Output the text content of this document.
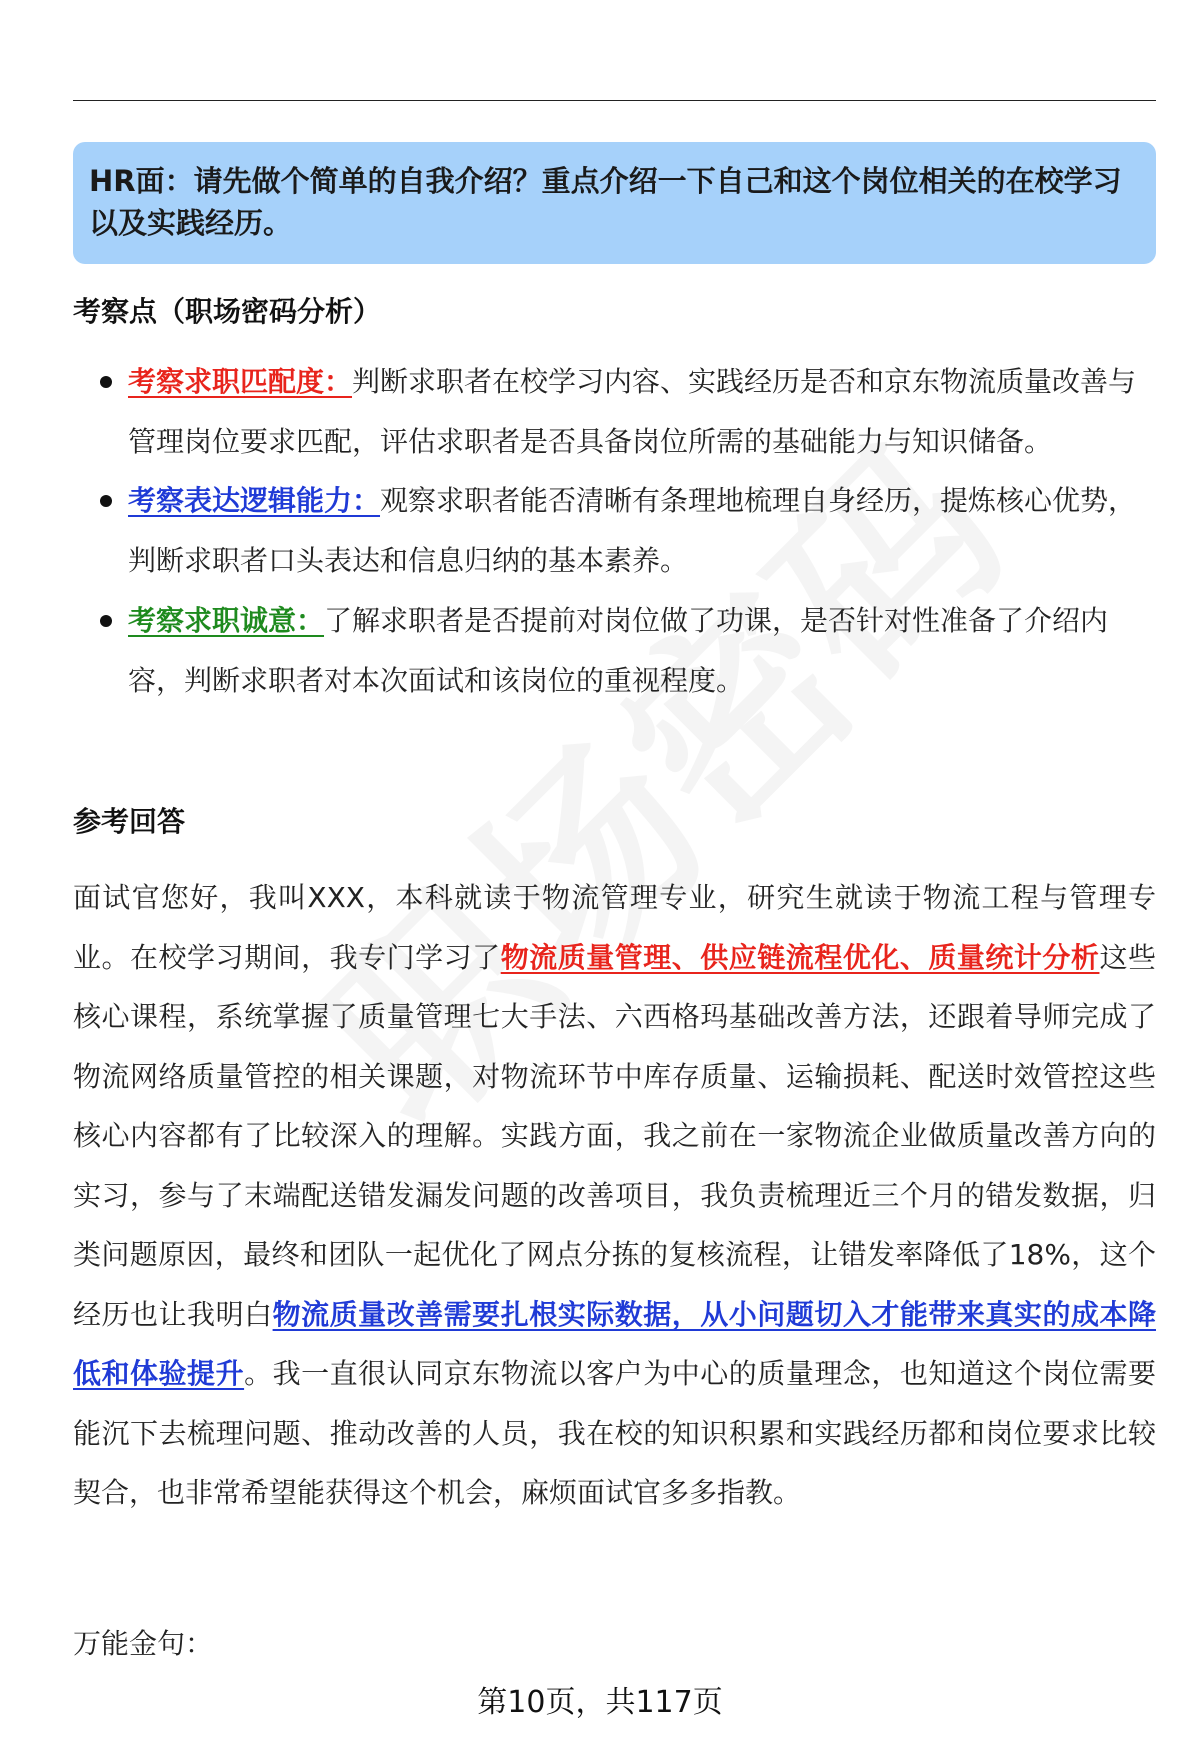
HR面：请先做个简单的自我介绍？重点介绍一下自己和这个岗位相关的在校学习以及实践经历。
考察点（职场密码分析）
考察求职匹配度：判断求职者在校学习内容、实践经历是否和京东物流质量改善与管理岗位要求匹配，评估求职者是否具备岗位所需的基础能力与知识储备。
考察表达逻辑能力：观察求职者能否清晰有条理地梳理自身经历，提炼核心优势，判断求职者口头表达和信息归纳的基本素养。
考察求职诚意：了解求职者是否提前对岗位做了功课，是否针对性准备了介绍内容，判断求职者对本次面试和该岗位的重视程度。
参考回答
面试官您好，我叫XXX，本科就读于物流管理专业，研究生就读于物流工程与管理专业。在校学习期间，我专门学习了物流质量管理、供应链流程优化、质量统计分析这些核心课程，系统掌握了质量管理七大手法、六西格玛基础改善方法，还跟着导师完成了物流网络质量管控的相关课题，对物流环节中库存质量、运输损耗、配送时效管控这些核心内容都有了比较深入的理解。实践方面，我之前在一家物流企业做质量改善方向的实习，参与了末端配送错发漏发问题的改善项目，我负责梳理近三个月的错发数据，归类问题原因，最终和团队一起优化了网点分拣的复核流程，让错发率降低了18%，这个经历也让我明白物流质量改善需要扎根实际数据，从小问题切入才能带来真实的成本降低和体验提升。我一直很认同京东物流以客户为中心的质量理念，也知道这个岗位需要能沉下去梳理问题、推动改善的人员，我在校的知识积累和实践经历都和岗位要求比较契合，也非常希望能获得这个机会，麻烦面试官多多指教。
万能金句：
第10页，共117页
